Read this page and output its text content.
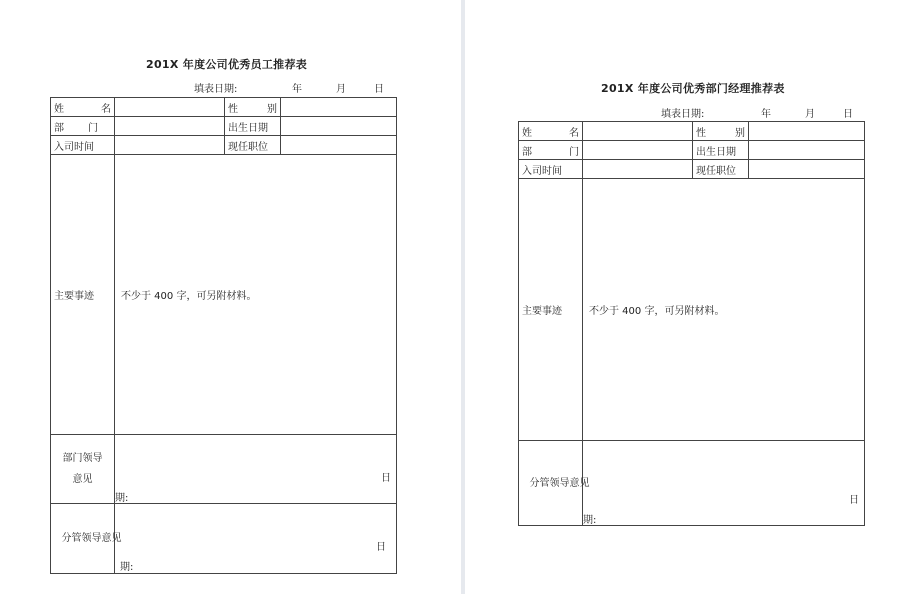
201X 年度公司优秀员工推荐表
填表日期:	年	月	日
姓 名		性 别	

部 门		出生日期	
入司时间		现任职位	
主要事迹	不少于 400 字，可另附材料。		
部门领导意见	日
期:		

分管领导意见	日
期:		
201X 年度公司优秀部门经理推荐表
填表日期:	年	月	日
姓 名		性 别	

部 门		出生日期	
入司时间		现任职位	
主要事迹	不少于 400 字，可另附材料。		
分管领导意见	日
期:		
